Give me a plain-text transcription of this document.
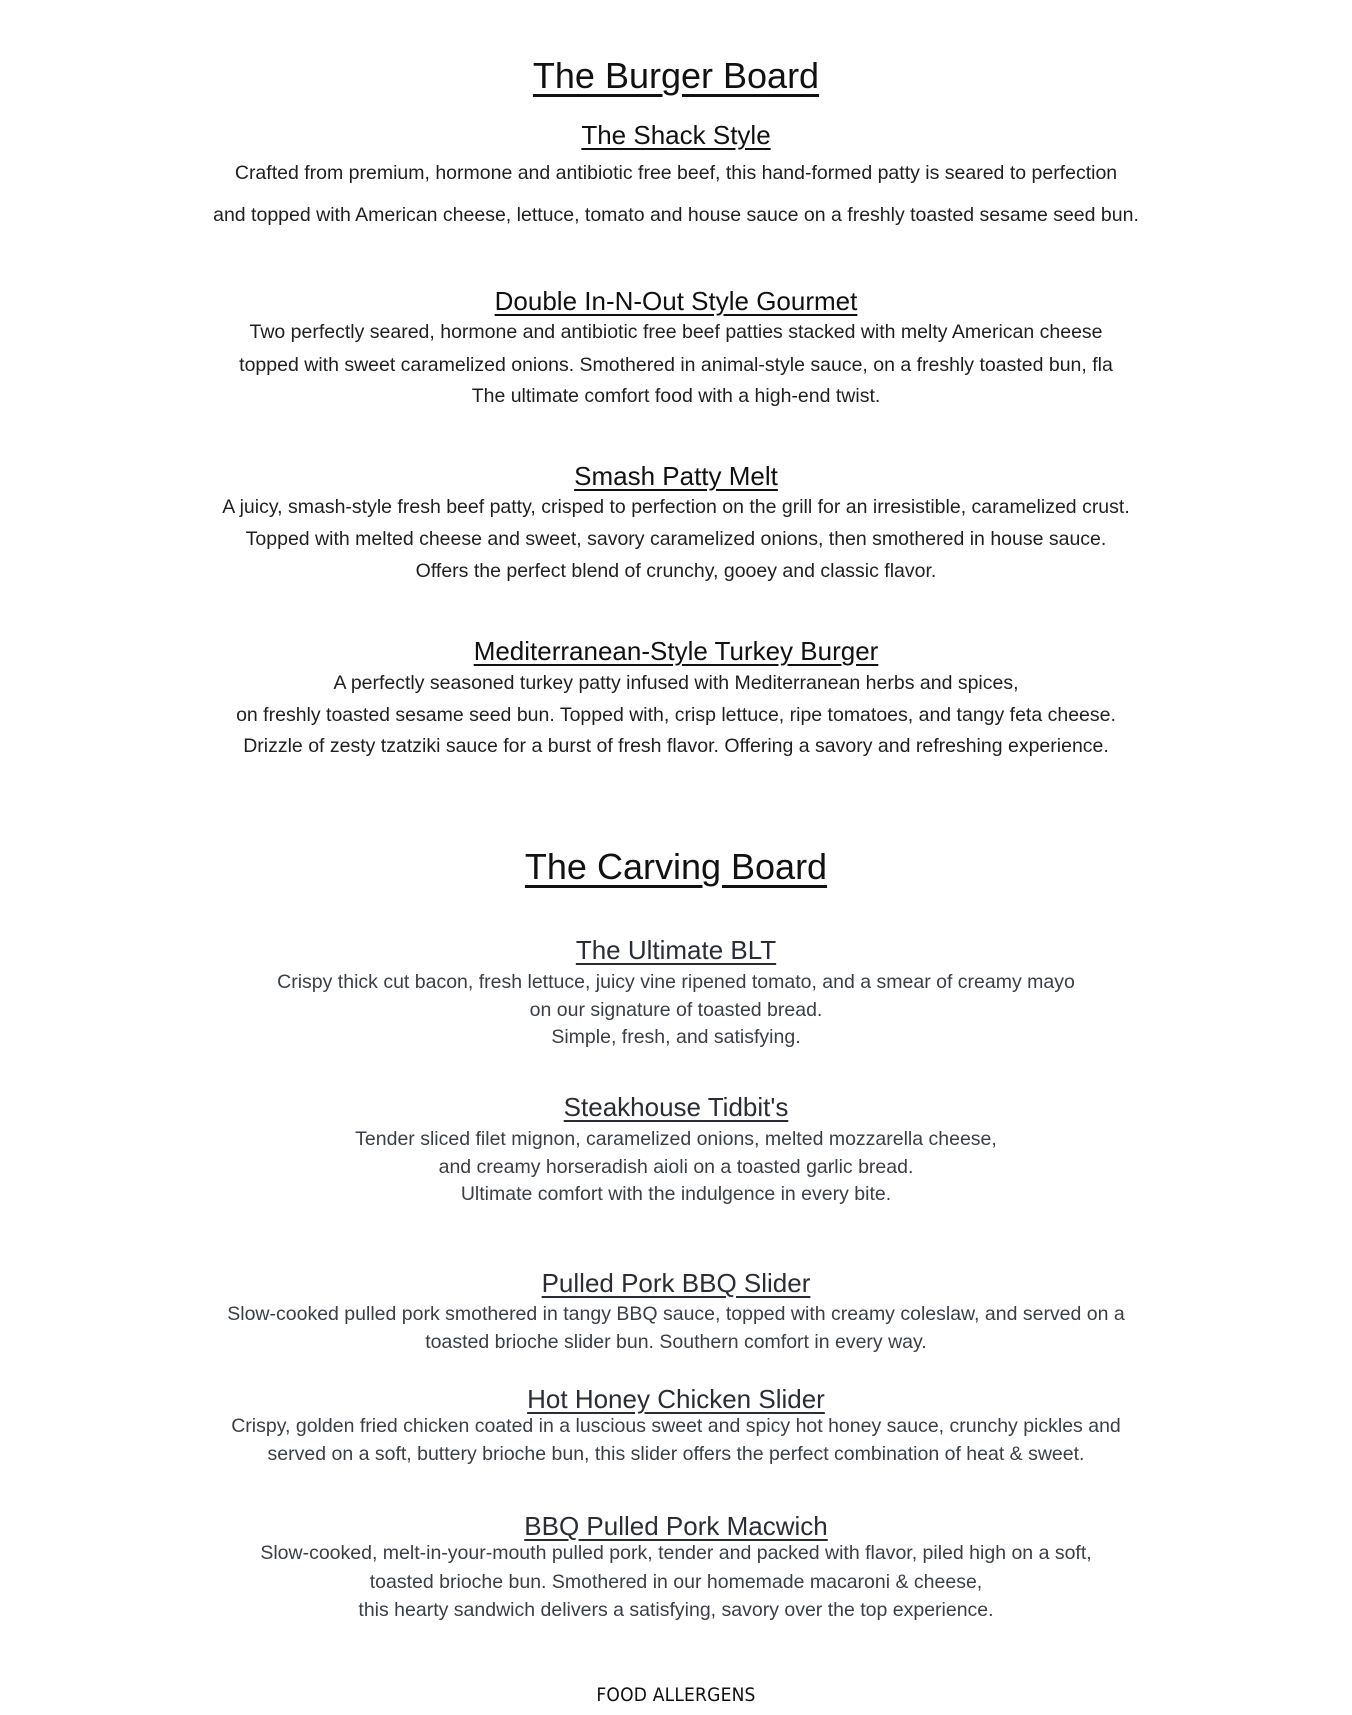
The Burger Board
The Shack Style

Crafted from premium, hormone and antibiotic free beef, this hand-formed patty is seared to perfection

and topped with American cheese, lettuce, tomato and house sauce on a freshly toasted sesame seed bun.

Double In-N-Out Style Gourmet

Two perfectly seared, hormone and antibiotic free beef patties stacked with melty American cheese

topped with sweet caramelized onions. Smothered in animal-style sauce, on a freshly toasted bun, fla

The ultimate comfort food with a high-end twist.

Smash Patty Melt

A juicy, smash-style fresh beef patty, crisped to perfection on the grill for an irresistible, caramelized crust.

Topped with melted cheese and sweet, savory caramelized onions, then smothered in house sauce.

Offers the perfect blend of crunchy, gooey and classic flavor.

Mediterranean-Style Turkey Burger

A perfectly seasoned turkey patty infused with Mediterranean herbs and spices,

on freshly toasted sesame seed bun. Topped with, crisp lettuce, ripe tomatoes, and tangy feta cheese.

Drizzle of zesty tzatziki sauce for a burst of fresh flavor. Offering a savory and refreshing experience.

The Carving Board
The Ultimate BLT

Crispy thick cut bacon, fresh lettuce, juicy vine ripened tomato, and a smear of creamy mayo

on our signature of toasted bread.

Simple, fresh, and satisfying.

Steakhouse Tidbit's

Tender sliced filet mignon, caramelized onions, melted mozzarella cheese,

and creamy horseradish aioli on a toasted garlic bread.

Ultimate comfort with the indulgence in every bite.

Pulled Pork BBQ Slider

Slow-cooked pulled pork smothered in tangy BBQ sauce, topped with creamy coleslaw, and served on a

toasted brioche slider bun. Southern comfort in every way.

Hot Honey Chicken Slider

Crispy, golden fried chicken coated in a luscious sweet and spicy hot honey sauce, crunchy pickles and

served on a soft, buttery brioche bun, this slider offers the perfect combination of heat & sweet.

BBQ Pulled Pork Macwich

Slow-cooked, melt-in-your-mouth pulled pork, tender and packed with flavor, piled high on a soft,

toasted brioche bun. Smothered in our homemade macaroni & cheese,

this hearty sandwich delivers a satisfying, savory over the top experience.

FOOD ALLERGENS
